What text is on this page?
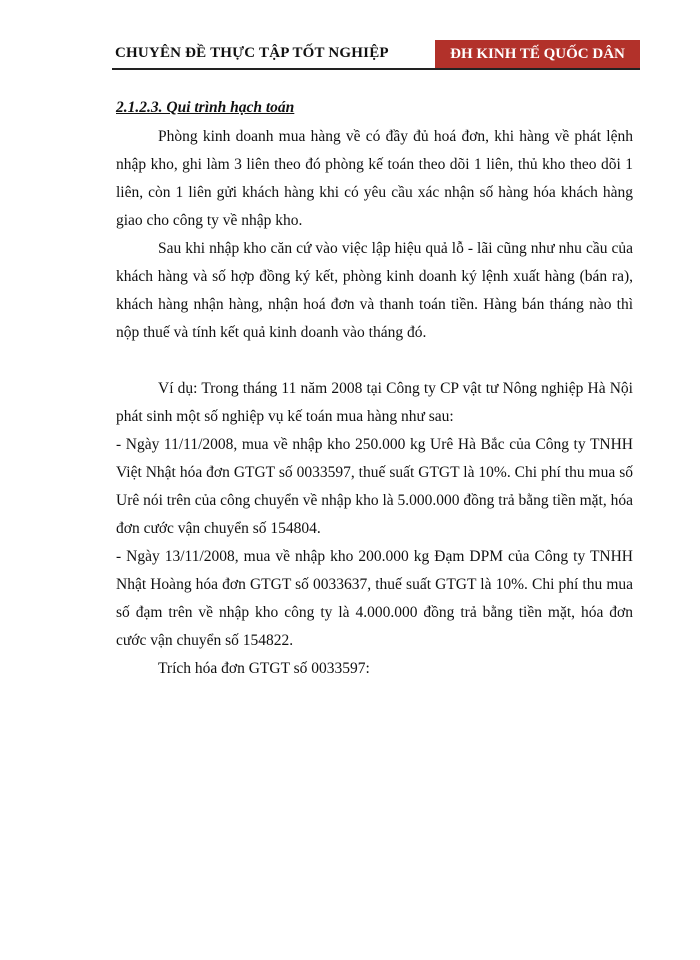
CHUYÊN ĐỀ THỰC TẬP TỐT NGHIỆP	ĐH KINH TẾ QUỐC DÂN

2.1.2.3. Qui trình hạch toán

Phòng kinh doanh mua hàng về có đầy đủ hoá đơn, khi hàng về phát lệnh nhập kho, ghi làm 3 liên theo đó phòng kế toán theo dõi 1 liên, thủ kho theo dõi 1 liên, còn 1 liên gửi khách hàng khi có yêu cầu xác nhận số hàng hóa khách hàng giao cho công ty về nhập kho.

Sau khi nhập kho căn cứ vào việc lập hiệu quả lỗ - lãi cũng như nhu cầu của khách hàng và số hợp đồng ký kết, phòng kinh doanh ký lệnh xuất hàng (bán ra), khách hàng nhận hàng, nhận hoá đơn và thanh toán tiền. Hàng bán tháng nào thì nộp thuế và tính kết quả kinh doanh vào tháng đó.

Ví dụ: Trong tháng 11 năm 2008 tại Công ty CP vật tư Nông nghiệp Hà Nội phát sinh một số nghiệp vụ kế toán mua hàng như sau:

- Ngày 11/11/2008, mua về nhập kho 250.000 kg Urê Hà Bắc của Công ty TNHH Việt Nhật hóa đơn GTGT số 0033597, thuế suất GTGT là 10%. Chi phí thu mua số Urê nói trên của công chuyển về nhập kho là 5.000.000 đồng trả bằng tiền mặt, hóa đơn cước vận chuyển số 154804.

- Ngày 13/11/2008, mua về nhập kho 200.000 kg Đạm DPM của Công ty TNHH Nhật Hoàng hóa đơn GTGT số 0033637, thuế suất GTGT là 10%. Chi phí thu mua số đạm trên về nhập kho công ty là 4.000.000 đồng trả bằng tiền mặt, hóa đơn cước vận chuyển số 154822.

Trích hóa đơn GTGT số 0033597:
